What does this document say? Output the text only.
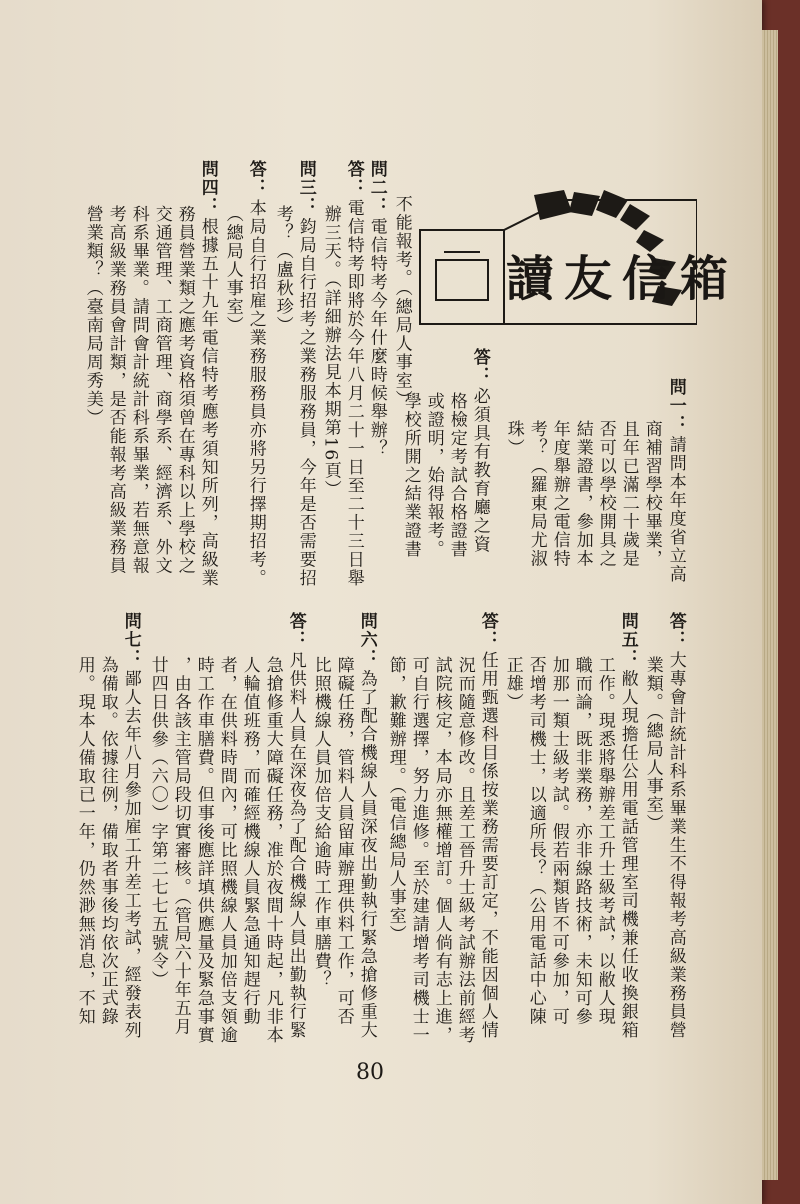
讀友信箱
問一：請問本年度省立高
商補習學校畢業，
且年已滿二十歲是
否可以學校開具之
結業證書，參加本
年度舉辦之電信特
考？（羅東局尤淑
珠）
答：必須具有教育廳之資
格檢定考試合格證書
或證明，始得報考。
學校所開之結業證書
不能報考。（總局人事室）
問二：電信特考今年什麼時候舉辦？
答：電信特考即將於今年八月二十一日至二十三日舉
辦三天。（詳細辦法見本期第16頁）
問三：鈞局自行招考之業務服務員，今年是否需要招
考？（盧秋珍）
答：本局自行招雇之業務服務員亦將另行擇期招考。
（總局人事室）
問四：根據五十九年電信特考應考須知所列，高級業
務員營業類之應考資格須曾在專科以上學校之
交通管理、工商管理、商學系、經濟系、外文
科系畢業。請問會計統計科系畢業，若無意報
考高級業務員會計類，是否能報考高級業務員
營業類？（臺南局周秀美）
答：大專會計統計科系畢業生不得報考高級業務員營
業類。（總局人事室）
問五：敝人現擔任公用電話管理室司機兼任收換銀箱
工作。現悉將舉辦差工升士級考試，以敝人現
職而論，既非業務，亦非線路技術，未知可參
加那一類士級考試。假若兩類皆不可參加，可
否增考司機士，以適所長？（公用電話中心陳
正雄）
答：任用甄選科目係按業務需要訂定，不能因個人情
況而隨意修改。且差工晉升士級考試辦法前經考
試院核定，本局亦無權增訂。個人倘有志上進，
可自行選擇，努力進修。至於建請增考司機士一
節，歉難辦理。（電信總局人事室）
問六：為了配合機線人員深夜出勤執行緊急搶修重大
障礙任務，管料人員留庫辦理供料工作，可否
比照機線人員加倍支給逾時工作車膳費？
答：凡供料人員在深夜為了配合機線人員出勤執行緊
急搶修重大障礙任務，准於夜間十時起，凡非本
人輪值班務，而確經機線人員緊急通知趕行動
者，在供料時間內，可比照機線人員加倍支領逾
時工作車膳費。但事後應詳填供應量及緊急事實
，由各該主管局段切實審核。（管局六十年五月
廿四日供參（六〇）字第二七七五號令）
問七：鄙人去年八月參加雇工升差工考試，經發表列
為備取。依據往例，備取者事後均依次正式錄
用。現本人備取已一年，仍然渺無消息，不知
80
